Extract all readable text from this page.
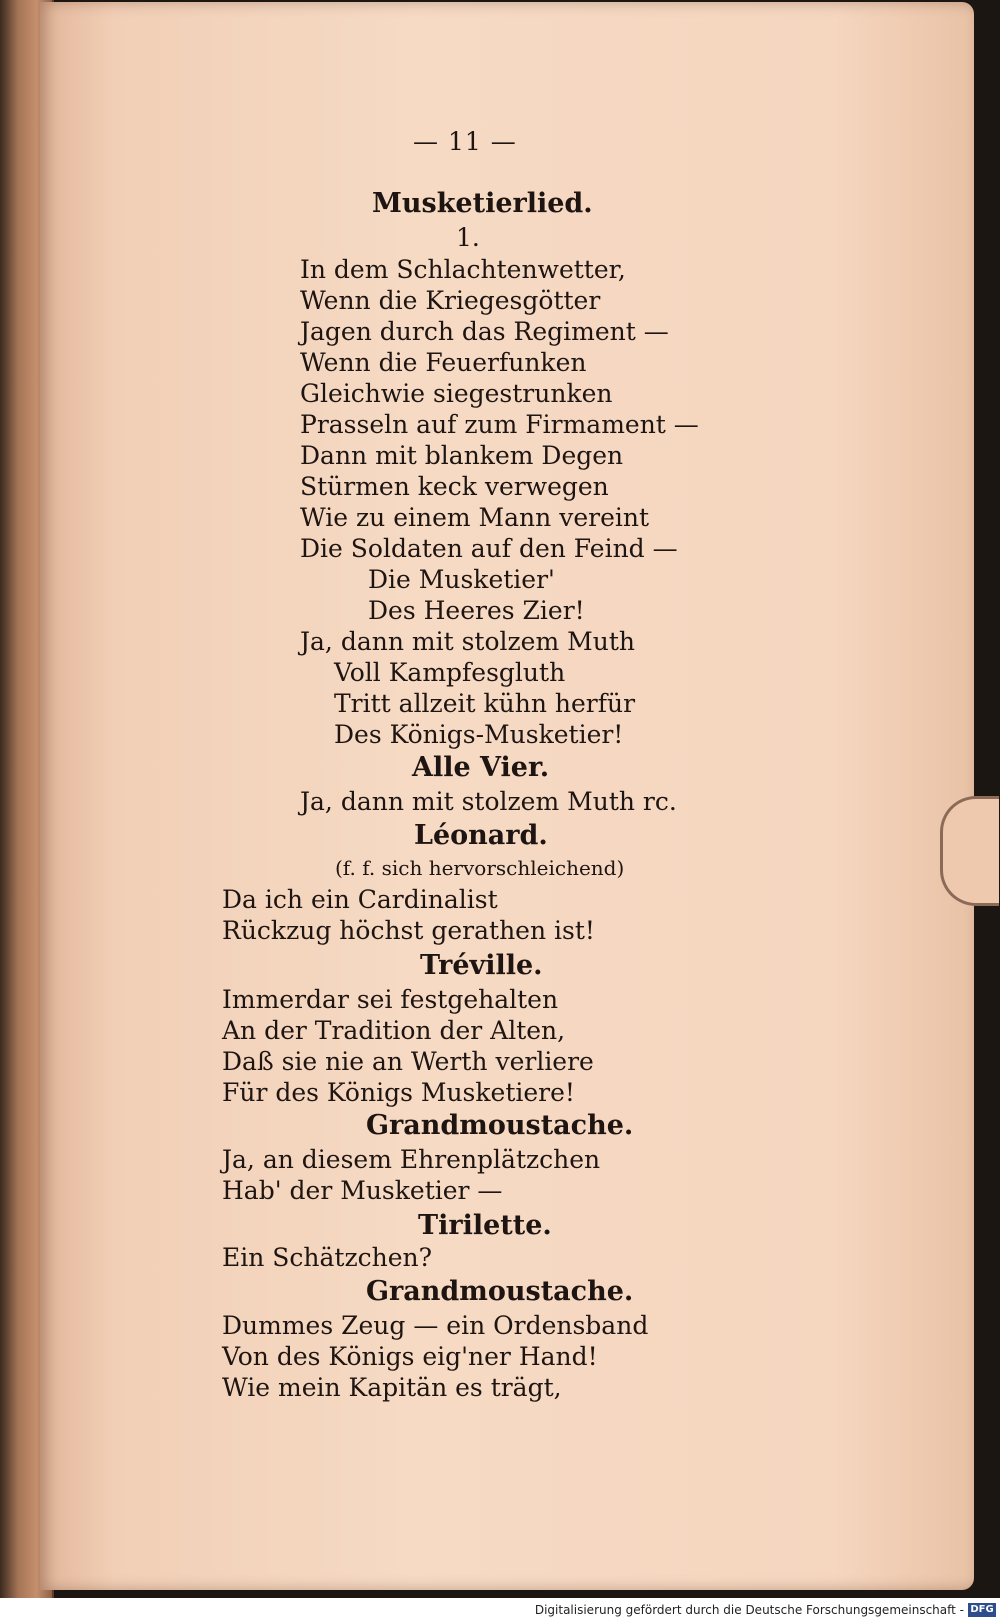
— 11 —
Musketierlied.
1.
In dem Schlachtenwetter,
Wenn die Kriegesgötter
Jagen durch das Regiment —
Wenn die Feuerfunken
Gleichwie siegestrunken
Prasseln auf zum Firmament —
Dann mit blankem Degen
Stürmen keck verwegen
Wie zu einem Mann vereint
Die Soldaten auf den Feind —
Die Musketier'
Des Heeres Zier!
Ja, dann mit stolzem Muth
Voll Kampfesgluth
Tritt allzeit kühn herfür
Des Königs-Musketier!
Alle Vier.
Ja, dann mit stolzem Muth rc.
Léonard.
(f. f. sich hervorschleichend)
Da ich ein Cardinalist
Rückzug höchst gerathen ist!
Tréville.
Immerdar sei festgehalten
An der Tradition der Alten,
Daß sie nie an Werth verliere
Für des Königs Musketiere!
Grandmoustache.
Ja, an diesem Ehrenplätzchen
Hab' der Musketier —
Tirilette.
Ein Schätzchen?
Grandmoustache.
Dummes Zeug — ein Ordensband
Von des Königs eig'ner Hand!
Wie mein Kapitän es trägt,
Digitalisierung gefördert durch die Deutsche Forschungsgemeinschaft - DFG
